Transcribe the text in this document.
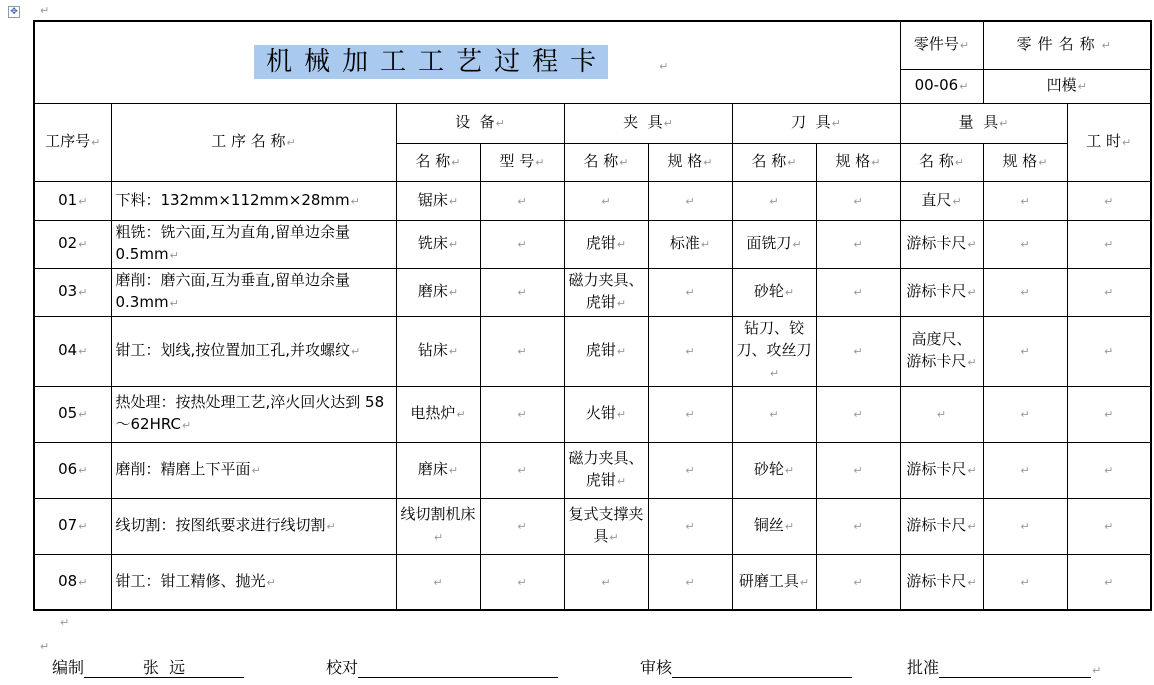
✥ ↵
机械加工工艺过程卡 ↵								零件号 ↵	零件名称 ↵
								00-06 ↵	凹模 ↵
工序号 ↵	工 序 名 称 ↵	设  备 ↵		夹  具 ↵		刀  具 ↵		量  具 ↵		工 时 ↵
		名 称 ↵	型 号 ↵	名 称 ↵	规 格 ↵	名 称 ↵	规 格 ↵	名 称 ↵	规 格 ↵
01 ↵	下料：132mm×112mm×28mm ↵	锯床 ↵	↵	↵	↵	↵	↵	直尺 ↵	↵	↵
02 ↵	粗铣：铣六面,互为直角,留单边余量 0.5mm ↵	铣床 ↵	↵	虎钳 ↵	标准 ↵	面铣刀 ↵	↵	游标卡尺 ↵	↵	↵
03 ↵	磨削：磨六面,互为垂直,留单边余量 0.3mm ↵	磨床 ↵	↵	磁力夹具、虎钳 ↵	↵	砂轮 ↵	↵	游标卡尺 ↵	↵	↵
04 ↵	钳工：划线,按位置加工孔,并攻螺纹 ↵	钻床 ↵	↵	虎钳 ↵	↵	钻刀、铰刀、攻丝刀 ↵	↵	高度尺、游标卡尺 ↵	↵	↵
05 ↵	热处理：按热处理工艺,淬火回火达到 58～62HRC ↵	电热炉 ↵	↵	火钳 ↵	↵	↵	↵	↵	↵	↵
06 ↵	磨削：精磨上下平面 ↵	磨床 ↵	↵	磁力夹具、虎钳 ↵	↵	砂轮 ↵	↵	游标卡尺 ↵	↵	↵
07 ↵	线切割：按图纸要求进行线切割 ↵	线切割机床 ↵	↵	复式支撑夹具 ↵	↵	铜丝 ↵	↵	游标卡尺 ↵	↵	↵
08 ↵	钳工：钳工精修、抛光 ↵	↵	↵	↵	↵	研磨工具 ↵	↵	游标卡尺 ↵	↵	↵
编制	张  远	校对	审核	批准
↵
↵
↵
